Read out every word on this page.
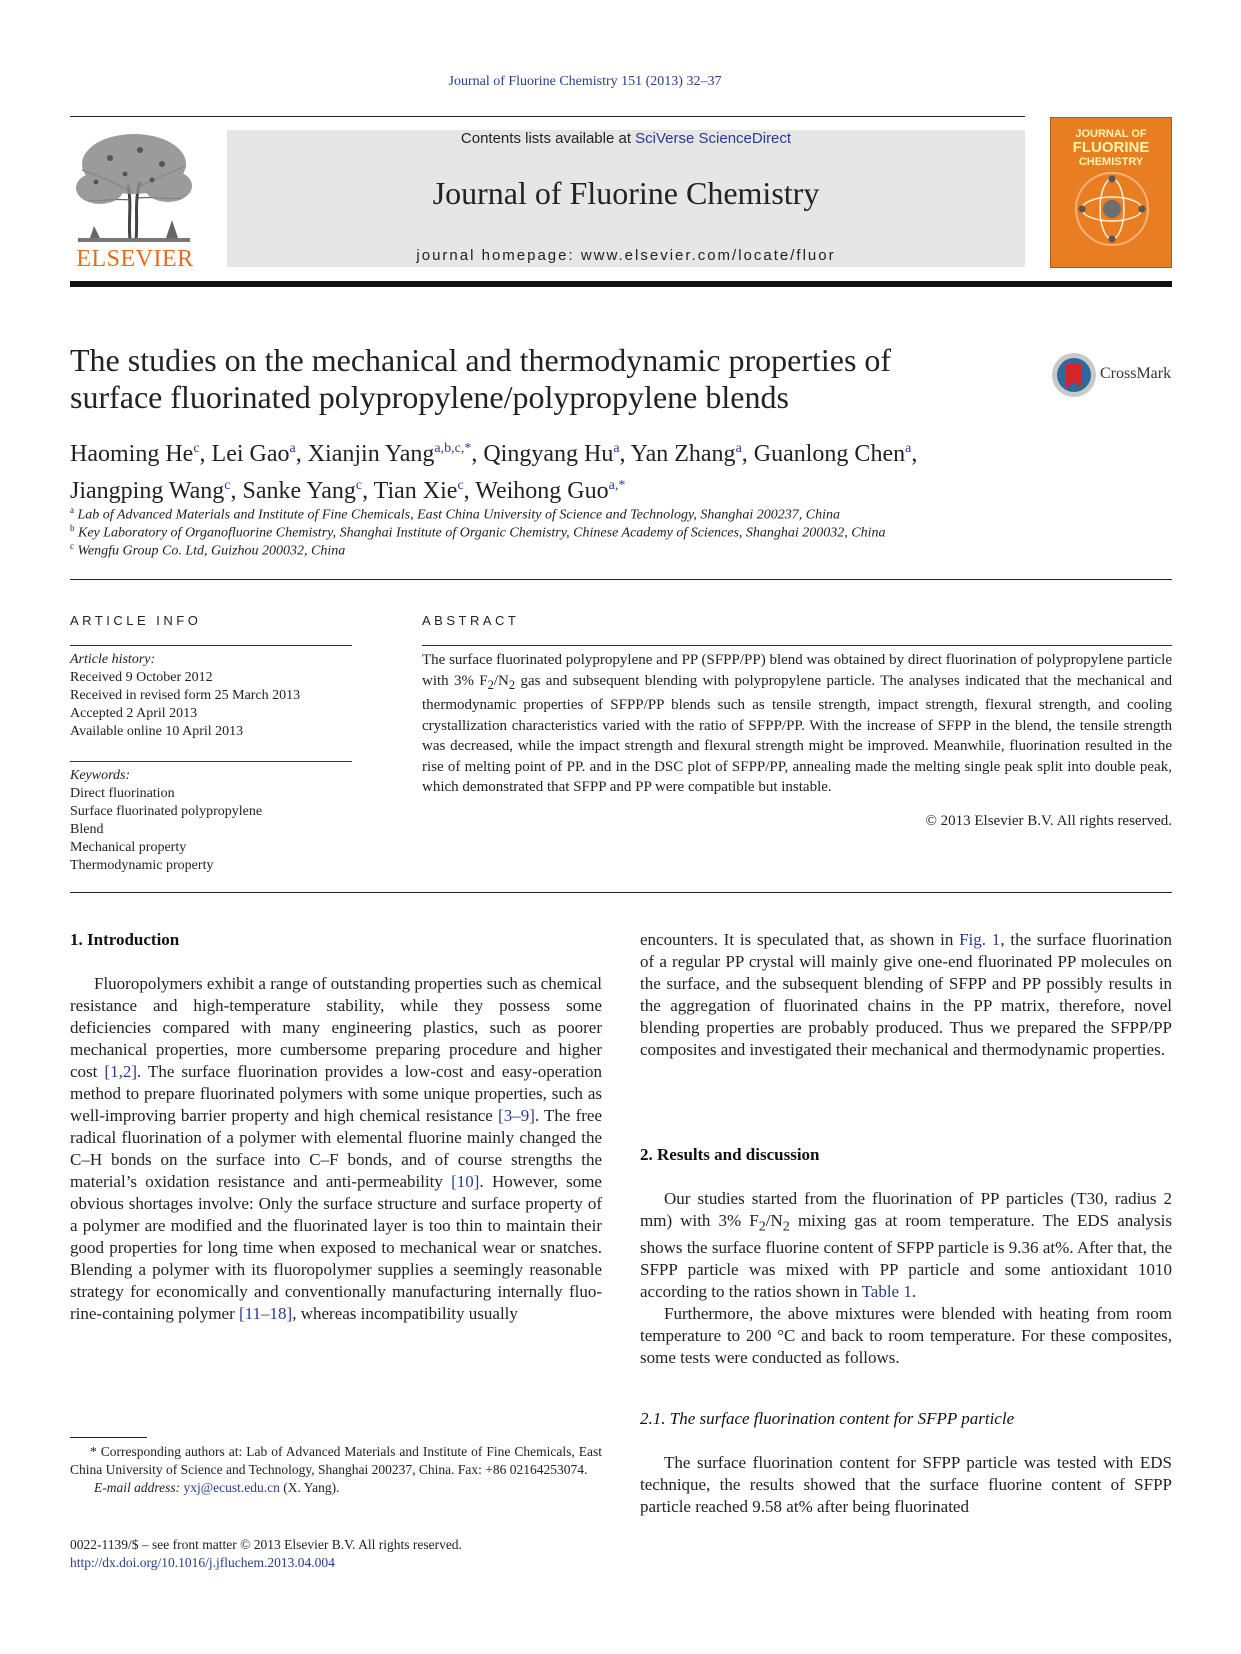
Journal of Fluorine Chemistry 151 (2013) 32–37
ELSEVIER
Contents lists available at SciVerse ScienceDirect
Journal of Fluorine Chemistry
journal homepage: www.elsevier.com/locate/fluor
JOURNAL OF
FLUORINE
CHEMISTRY
The studies on the mechanical and thermodynamic properties of
surface fluorinated polypropylene/polypropylene blends
CrossMark
Haoming He$^c$, Lei Gao$^a$, Xianjin Yang$^{a,b,c,*}$, Qingyang Hu$^a$, Yan Zhang$^a$, Guanlong Chen$^a$,
Jiangping Wang$^c$, Sanke Yang$^c$, Tian Xie$^c$, Weihong Guo$^{a,*}$
$^a$ Lab of Advanced Materials and Institute of Fine Chemicals, East China University of Science and Technology, Shanghai 200237, China
$^b$ Key Laboratory of Organofluorine Chemistry, Shanghai Institute of Organic Chemistry, Chinese Academy of Sciences, Shanghai 200032, China
$^c$ Wengfu Group Co. Ltd, Guizhou 200032, China
ARTICLE INFO
Article history:
Received 9 October 2012
Received in revised form 25 March 2013
Accepted 2 April 2013
Available online 10 April 2013
Keywords:
Direct fluorination
Surface fluorinated polypropylene
Blend
Mechanical property
Thermodynamic property
ABSTRACT
The surface fluorinated polypropylene and PP (SFPP/PP) blend was obtained by direct fluorination of polypropylene particle with 3% $F_2/N_2$ gas and subsequent blending with polypropylene particle. The analyses indicated that the mechanical and thermodynamic properties of SFPP/PP blends such as tensile strength, impact strength, flexural strength, and cooling crystallization characteristics varied with the ratio of SFPP/PP. With the increase of SFPP in the blend, the tensile strength was decreased, while the impact strength and flexural strength might be improved. Meanwhile, fluorination resulted in the rise of melting point of PP. and in the DSC plot of SFPP/PP, annealing made the melting single peak split into double peak, which demonstrated that SFPP and PP were compatible but instable.
© 2013 Elsevier B.V. All rights reserved.
1. Introduction

Fluoropolymers exhibit a range of outstanding properties such as chemical resistance and high-temperature stability, while they possess some deficiencies compared with many engineering plastics, such as poorer mechanical properties, more cumbersome preparing procedure and higher cost [1,2]. The surface fluorination provides a low-cost and easy-operation method to prepare fluorinated polymers with some unique properties, such as well-improving barrier property and high chemical resistance [3–9]. The free radical fluorination of a polymer with elemental fluorine mainly changed the C–H bonds on the surface into C–F bonds, and of course strengths the material’s oxidation resistance and anti-permeability [10]. However, some obvious shortages involve: Only the surface structure and surface property of a polymer are modified and the fluorinated layer is too thin to maintain their good properties for long time when exposed to mechanical wear or snatches. Blending a polymer with its fluoropolymer supplies a seemingly reasonable strategy for economically and conventionally manufacturing internally fluo-rine-containing polymer [11–18], whereas incompatibility usually

encounters. It is speculated that, as shown in Fig. 1, the surface fluorination of a regular PP crystal will mainly give one-end fluorinated PP molecules on the surface, and the subsequent blending of SFPP and PP possibly results in the aggregation of fluorinated chains in the PP matrix, therefore, novel blending properties are probably produced. Thus we prepared the SFPP/PP composites and investigated their mechanical and thermodynamic properties.

2. Results and discussion

Our studies started from the fluorination of PP particles (T30, radius 2 mm) with 3% $F_2/N_2$ mixing gas at room temperature. The EDS analysis shows the surface fluorine content of SFPP particle is 9.36 at%. After that, the SFPP particle was mixed with PP particle and some antioxidant 1010 according to the ratios shown in Table 1.

Furthermore, the above mixtures were blended with heating from room temperature to 200 °C and back to room temperature. For these composites, some tests were conducted as follows.

2.1. The surface fluorination content for SFPP particle

The surface fluorination content for SFPP particle was tested with EDS technique, the results showed that the surface fluorine content of SFPP particle reached 9.58 at% after being fluorinated

* Corresponding authors at: Lab of Advanced Materials and Institute of Fine Chemicals, East China University of Science and Technology, Shanghai 200237, China. Fax: +86 02164253074.
E-mail address: yxj@ecust.edu.cn (X. Yang).
0022-1139/$ – see front matter © 2013 Elsevier B.V. All rights reserved.
http://dx.doi.org/10.1016/j.jfluchem.2013.04.004
